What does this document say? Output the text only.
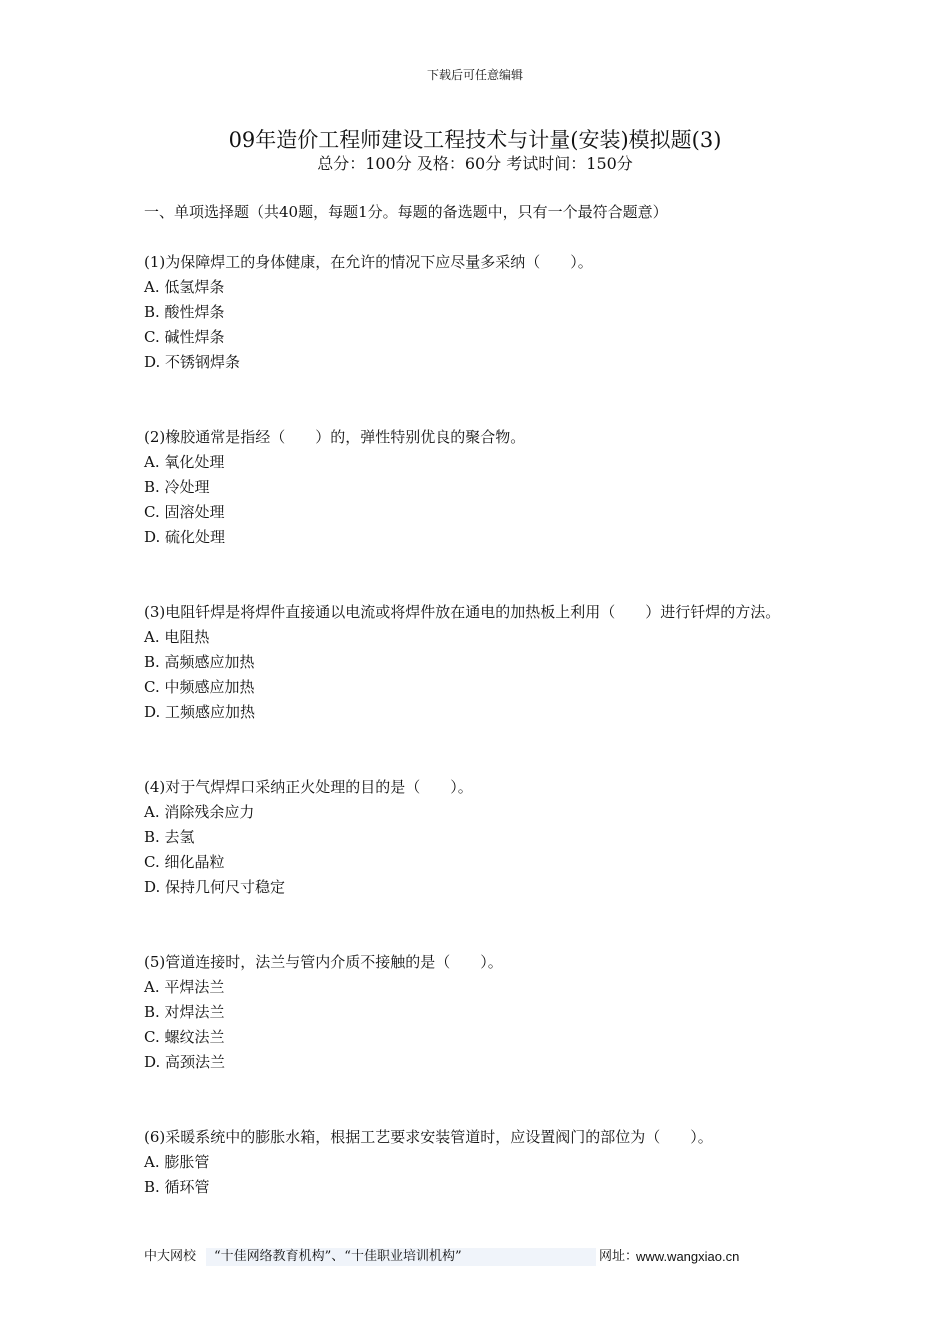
下载后可任意编辑
09年造价工程师建设工程技术与计量(安装)模拟题(3)
总分：100分 及格：60分 考试时间：150分
一、单项选择题（共40题，每题1分。每题的备选题中，只有一个最符合题意）
(1)为保障焊工的身体健康，在允许的情况下应尽量多采纳（　　）。
A. 低氢焊条
B. 酸性焊条
C. 碱性焊条
D. 不锈钢焊条
(2)橡胶通常是指经（　　）的，弹性特别优良的聚合物。
A. 氧化处理
B. 冷处理
C. 固溶处理
D. 硫化处理
(3)电阻钎焊是将焊件直接通以电流或将焊件放在通电的加热板上利用（　　）进行钎焊的方法。
A. 电阻热
B. 高频感应加热
C. 中频感应加热
D. 工频感应加热
(4)对于气焊焊口采纳正火处理的目的是（　　）。
A. 消除残余应力
B. 去氢
C. 细化晶粒
D. 保持几何尺寸稳定
(5)管道连接时，法兰与管内介质不接触的是（　　）。
A. 平焊法兰
B. 对焊法兰
C. 螺纹法兰
D. 高颈法兰
(6)采暖系统中的膨胀水箱，根据工艺要求安装管道时，应设置阀门的部位为（　　）。
A. 膨胀管
B. 循环管
中大网校 “十佳网络教育机构”、“十佳职业培训机构”	网址：
www.wangxiao.cn
